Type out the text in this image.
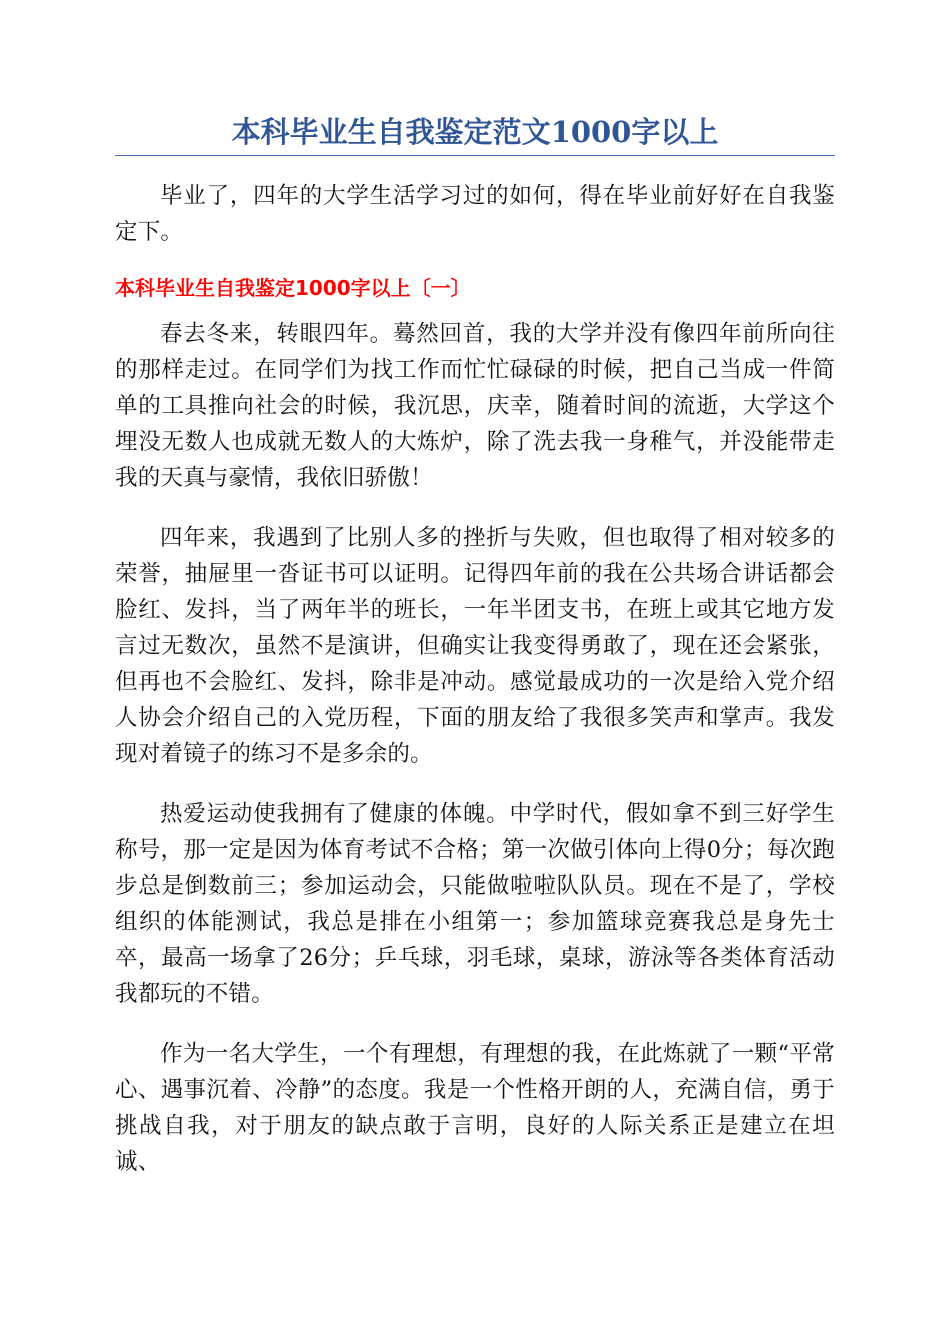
本科毕业生自我鉴定范文1000字以上

毕业了，四年的大学生活学习过的如何，得在毕业前好好在自我鉴定下。

本科毕业生自我鉴定1000字以上〔一〕

春去冬来，转眼四年。蓦然回首，我的大学并没有像四年前所向往的那样走过。在同学们为找工作而忙忙碌碌的时候，把自己当成一件简单的工具推向社会的时候，我沉思，庆幸，随着时间的流逝，大学这个埋没无数人也成就无数人的大炼炉，除了洗去我一身稚气，并没能带走我的天真与豪情，我依旧骄傲！

四年来，我遇到了比别人多的挫折与失败，但也取得了相对较多的荣誉，抽屉里一沓证书可以证明。记得四年前的我在公共场合讲话都会脸红、发抖，当了两年半的班长，一年半团支书，在班上或其它地方发言过无数次，虽然不是演讲，但确实让我变得勇敢了，现在还会紧张，但再也不会脸红、发抖，除非是冲动。感觉最成功的一次是给入党介绍人协会介绍自己的入党历程，下面的朋友给了我很多笑声和掌声。我发现对着镜子的练习不是多余的。

热爱运动使我拥有了健康的体魄。中学时代，假如拿不到三好学生称号，那一定是因为体育考试不合格；第一次做引体向上得0分；每次跑步总是倒数前三；参加运动会，只能做啦啦队队员。现在不是了，学校组织的体能测试，我总是排在小组第一；参加篮球竞赛我总是身先士卒，最高一场拿了26分；乒乓球，羽毛球，桌球，游泳等各类体育活动我都玩的不错。

作为一名大学生，一个有理想，有理想的我，在此炼就了一颗“平常心、遇事沉着、冷静”的态度。我是一个性格开朗的人，充满自信，勇于挑战自我，对于朋友的缺点敢于言明，良好的人际关系正是建立在坦诚、
